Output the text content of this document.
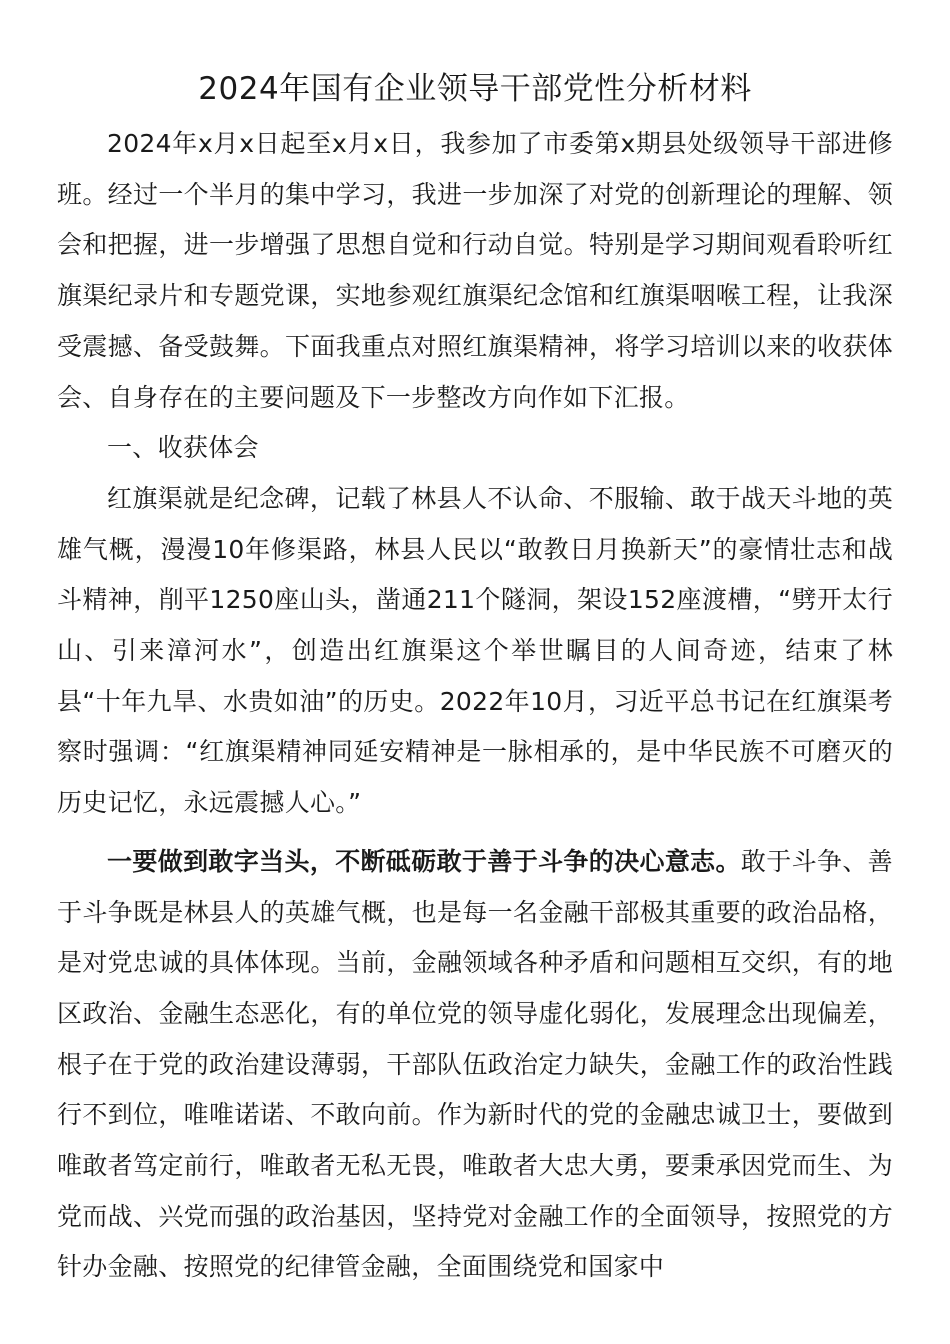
2024年国有企业领导干部党性分析材料

2024年x月x日起至x月x日，我参加了市委第x期县处级领导干部进修班。经过一个半月的集中学习，我进一步加深了对党的创新理论的理解、领会和把握，进一步增强了思想自觉和行动自觉。特别是学习期间观看聆听红旗渠纪录片和专题党课，实地参观红旗渠纪念馆和红旗渠咽喉工程，让我深受震撼、备受鼓舞。下面我重点对照红旗渠精神，将学习培训以来的收获体会、自身存在的主要问题及下一步整改方向作如下汇报。

一、收获体会

红旗渠就是纪念碑，记载了林县人不认命、不服输、敢于战天斗地的英雄气概，漫漫10年修渠路，林县人民以“敢教日月换新天”的豪情壮志和战斗精神，削平1250座山头，凿通211个隧洞，架设152座渡槽，“劈开太行山、引来漳河水”，创造出红旗渠这个举世瞩目的人间奇迹，结束了林县“十年九旱、水贵如油”的历史。2022年10月，习近平总书记在红旗渠考察时强调：“红旗渠精神同延安精神是一脉相承的，是中华民族不可磨灭的历史记忆，永远震撼人心。”

一要做到敢字当头，不断砥砺敢于善于斗争的决心意志。敢于斗争、善于斗争既是林县人的英雄气概，也是每一名金融干部极其重要的政治品格，是对党忠诚的具体体现。当前，金融领域各种矛盾和问题相互交织，有的地区政治、金融生态恶化，有的单位党的领导虚化弱化，发展理念出现偏差，根子在于党的政治建设薄弱，干部队伍政治定力缺失，金融工作的政治性践行不到位，唯唯诺诺、不敢向前。作为新时代的党的金融忠诚卫士，要做到唯敢者笃定前行，唯敢者无私无畏，唯敢者大忠大勇，要秉承因党而生、为党而战、兴党而强的政治基因，坚持党对金融工作的全面领导，按照党的方针办金融、按照党的纪律管金融，全面围绕党和国家中
